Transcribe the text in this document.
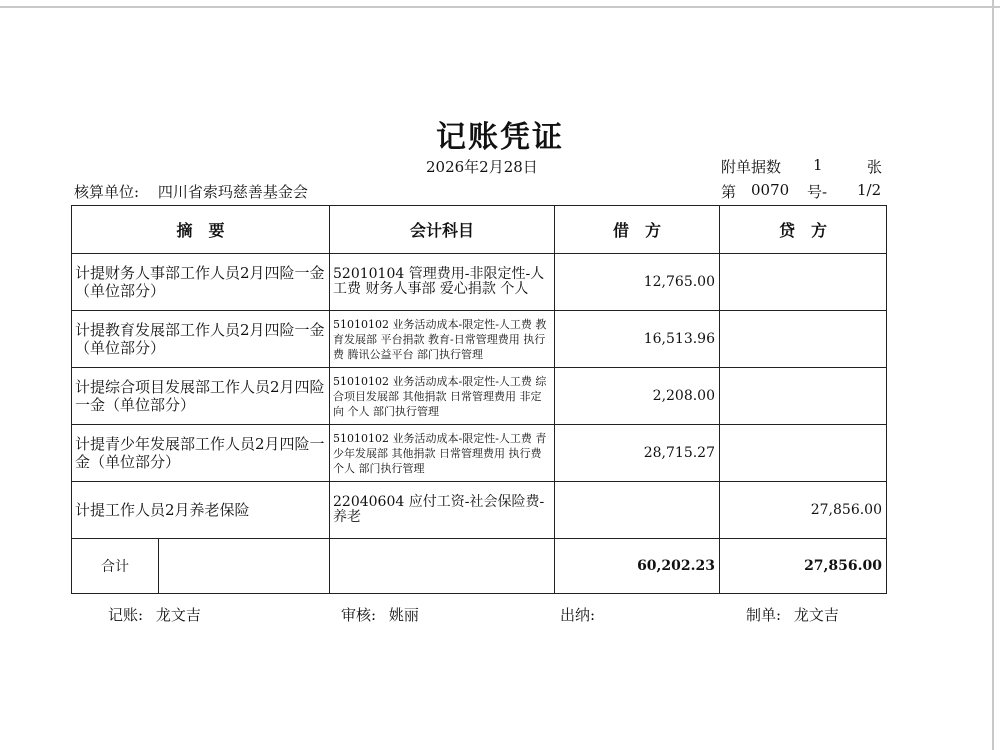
记账凭证
2026年2月28日	附单据数 1	张
核算单位: 四川省索玛慈善基金会	第 0070 号- 1/2
摘　要	会计科目	借　方	贷　方
计提财务人事部工作人员2月四险一金（单位部分）	52010104 管理费用-非限定性-人工费 财务人事部 爱心捐款 个人	12,765.00	
计提教育发展部工作人员2月四险一金（单位部分）	51010102 业务活动成本-限定性-人工费 教育发展部 平台捐款 教育-日常管理费用 执行费 腾讯公益平台 部门执行管理	16,513.96	
计提综合项目发展部工作人员2月四险一金（单位部分）	51010102 业务活动成本-限定性-人工费 综合项目发展部 其他捐款 日常管理费用 非定向 个人 部门执行管理	2,208.00	
计提青少年发展部工作人员2月四险一金（单位部分）	51010102 业务活动成本-限定性-人工费 青少年发展部 其他捐款 日常管理费用 执行费 个人 部门执行管理	28,715.27	
计提工作人员2月养老保险	22040604 应付工资-社会保险费-养老		27,856.00

合计		60,202.23	27,856.00
记账: 龙文吉	审核: 姚丽	出纳:	制单: 龙文吉
